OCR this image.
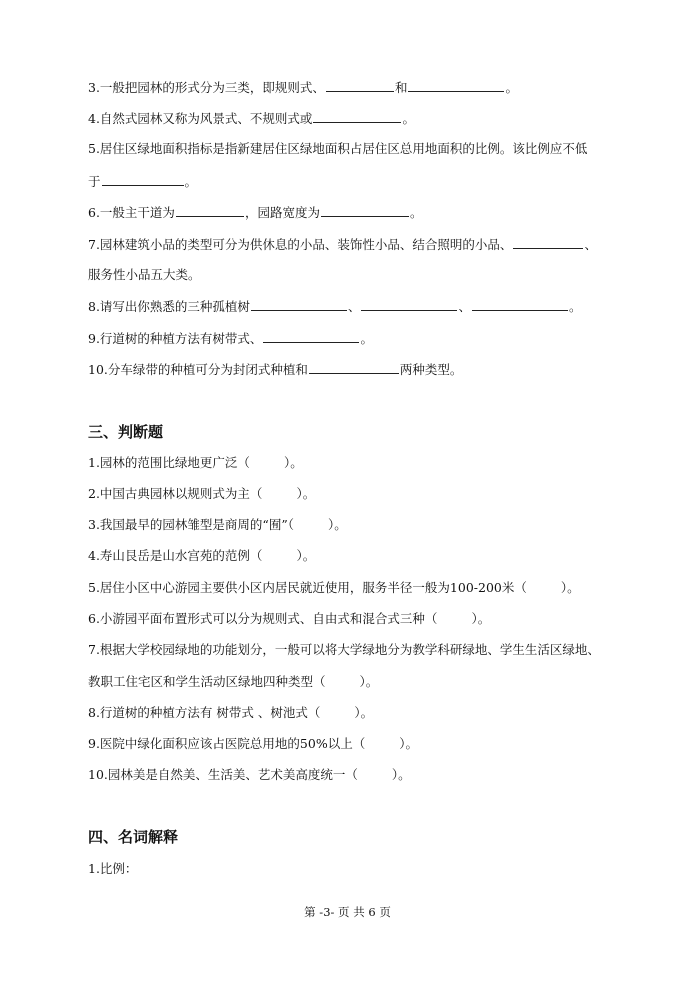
3.一般把园林的形式分为三类，即规则式、	和	。
4.自然式园林又称为风景式、不规则式或	。
5.居住区绿地面积指标是指新建居住区绿地面积占居住区总用地面积的比例。该比例应不低
于	。
6.一般主干道为	，园路宽度为	。
7.园林建筑小品的类型可分为供休息的小品、装饰性小品、结合照明的小品、	、
服务性小品五大类。
8.请写出你熟悉的三种孤植树	、	、	。
9.行道树的种植方法有树带式、	。
10.分车绿带的种植可分为封闭式种植和	两种类型。
三、判断题
1.园林的范围比绿地更广泛（	）。
2.中国古典园林以规则式为主（	）。
3.我国最早的园林雏型是商周的“囿”（	）。
4.寿山艮岳是山水宫苑的范例（	）。
5.居住小区中心游园主要供小区内居民就近使用，服务半径一般为100-200米（	）。
6.小游园平面布置形式可以分为规则式、自由式和混合式三种（	）。
7.根据大学校园绿地的功能划分，一般可以将大学绿地分为教学科研绿地、学生生活区绿地、
教职工住宅区和学生活动区绿地四种类型（	）。
8.行道树的种植方法有 树带式 、树池式（	）。
9.医院中绿化面积应该占医院总用地的50%以上（	）。
10.园林美是自然美、生活美、艺术美高度统一（	）。
四、名词解释
1.比例：
第 -3- 页 共 6 页
